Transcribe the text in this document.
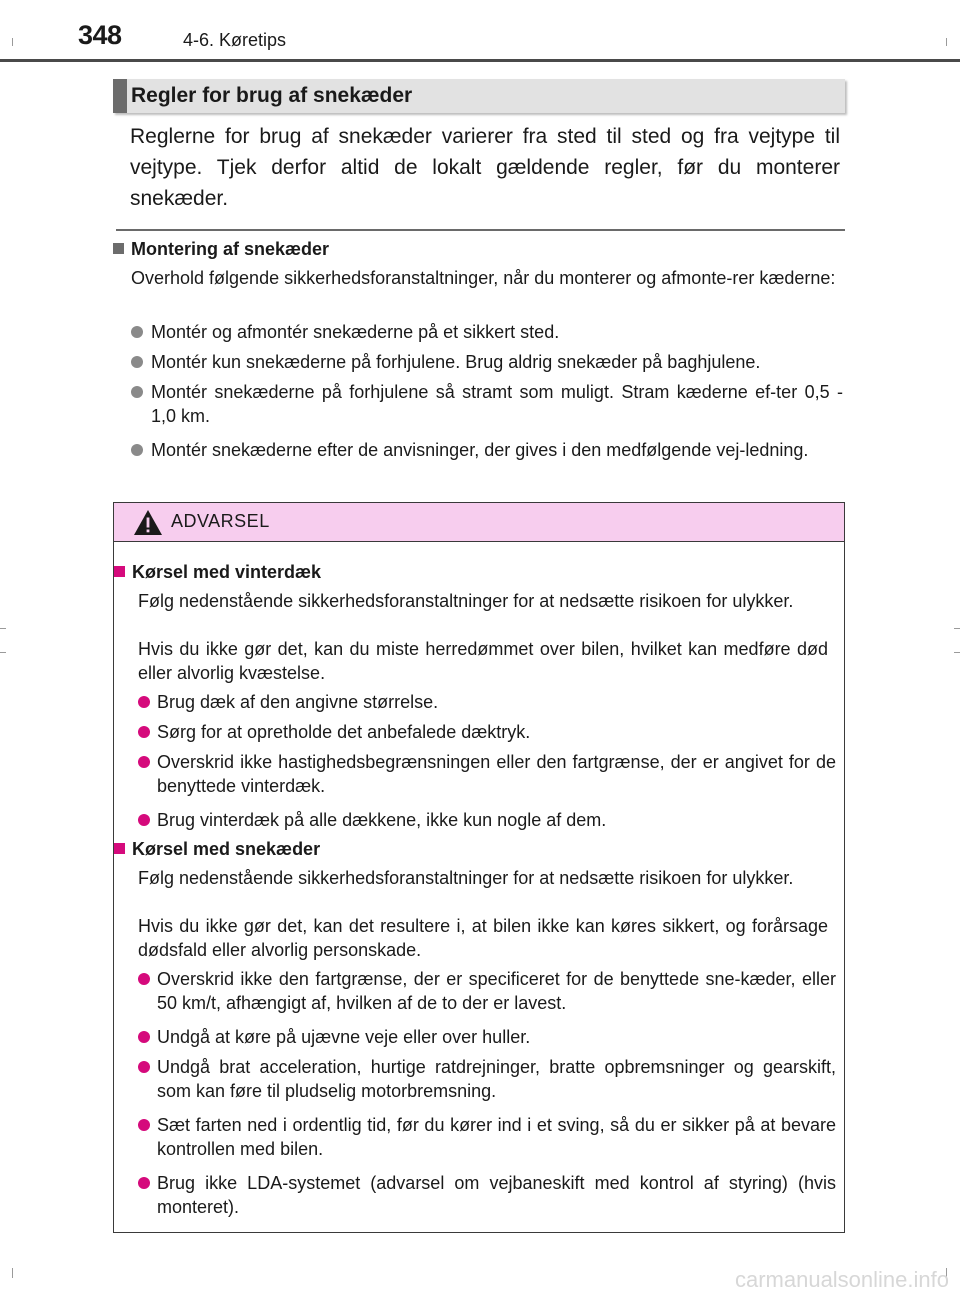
348	4-6. Køretips
Regler for brug af snekæder
Reglerne for brug af snekæder varierer fra sted til sted og fra vejtype til vejtype. Tjek derfor altid de lokalt gældende regler, før du monterer snekæder.
Montering af snekæder
Overhold følgende sikkerhedsforanstaltninger, når du monterer og afmonte-rer kæderne:
Montér og afmontér snekæderne på et sikkert sted.
Montér kun snekæderne på forhjulene. Brug aldrig snekæder på baghjulene.
Montér snekæderne på forhjulene så stramt som muligt. Stram kæderne ef-ter 0,5 - 1,0 km.
Montér snekæderne efter de anvisninger, der gives i den medfølgende vej-ledning.
ADVARSEL
Kørsel med vinterdæk
Følg nedenstående sikkerhedsforanstaltninger for at nedsætte risikoen for ulykker.
Hvis du ikke gør det, kan du miste herredømmet over bilen, hvilket kan medføre død eller alvorlig kvæstelse.
Brug dæk af den angivne størrelse.
Sørg for at opretholde det anbefalede dæktryk.
Overskrid ikke hastighedsbegrænsningen eller den fartgrænse, der er angivet for de benyttede vinterdæk.
Brug vinterdæk på alle dækkene, ikke kun nogle af dem.
Kørsel med snekæder
Følg nedenstående sikkerhedsforanstaltninger for at nedsætte risikoen for ulykker.
Hvis du ikke gør det, kan det resultere i, at bilen ikke kan køres sikkert, og forårsage dødsfald eller alvorlig personskade.
Overskrid ikke den fartgrænse, der er specificeret for de benyttede sne-kæder, eller 50 km/t, afhængigt af, hvilken af de to der er lavest.
Undgå at køre på ujævne veje eller over huller.
Undgå brat acceleration, hurtige ratdrejninger, bratte opbremsninger og gearskift, som kan føre til pludselig motorbremsning.
Sæt farten ned i ordentlig tid, før du kører ind i et sving, så du er sikker på at bevare kontrollen med bilen.
Brug ikke LDA-systemet (advarsel om vejbaneskift med kontrol af styring) (hvis monteret).
carmanualsonline.info
